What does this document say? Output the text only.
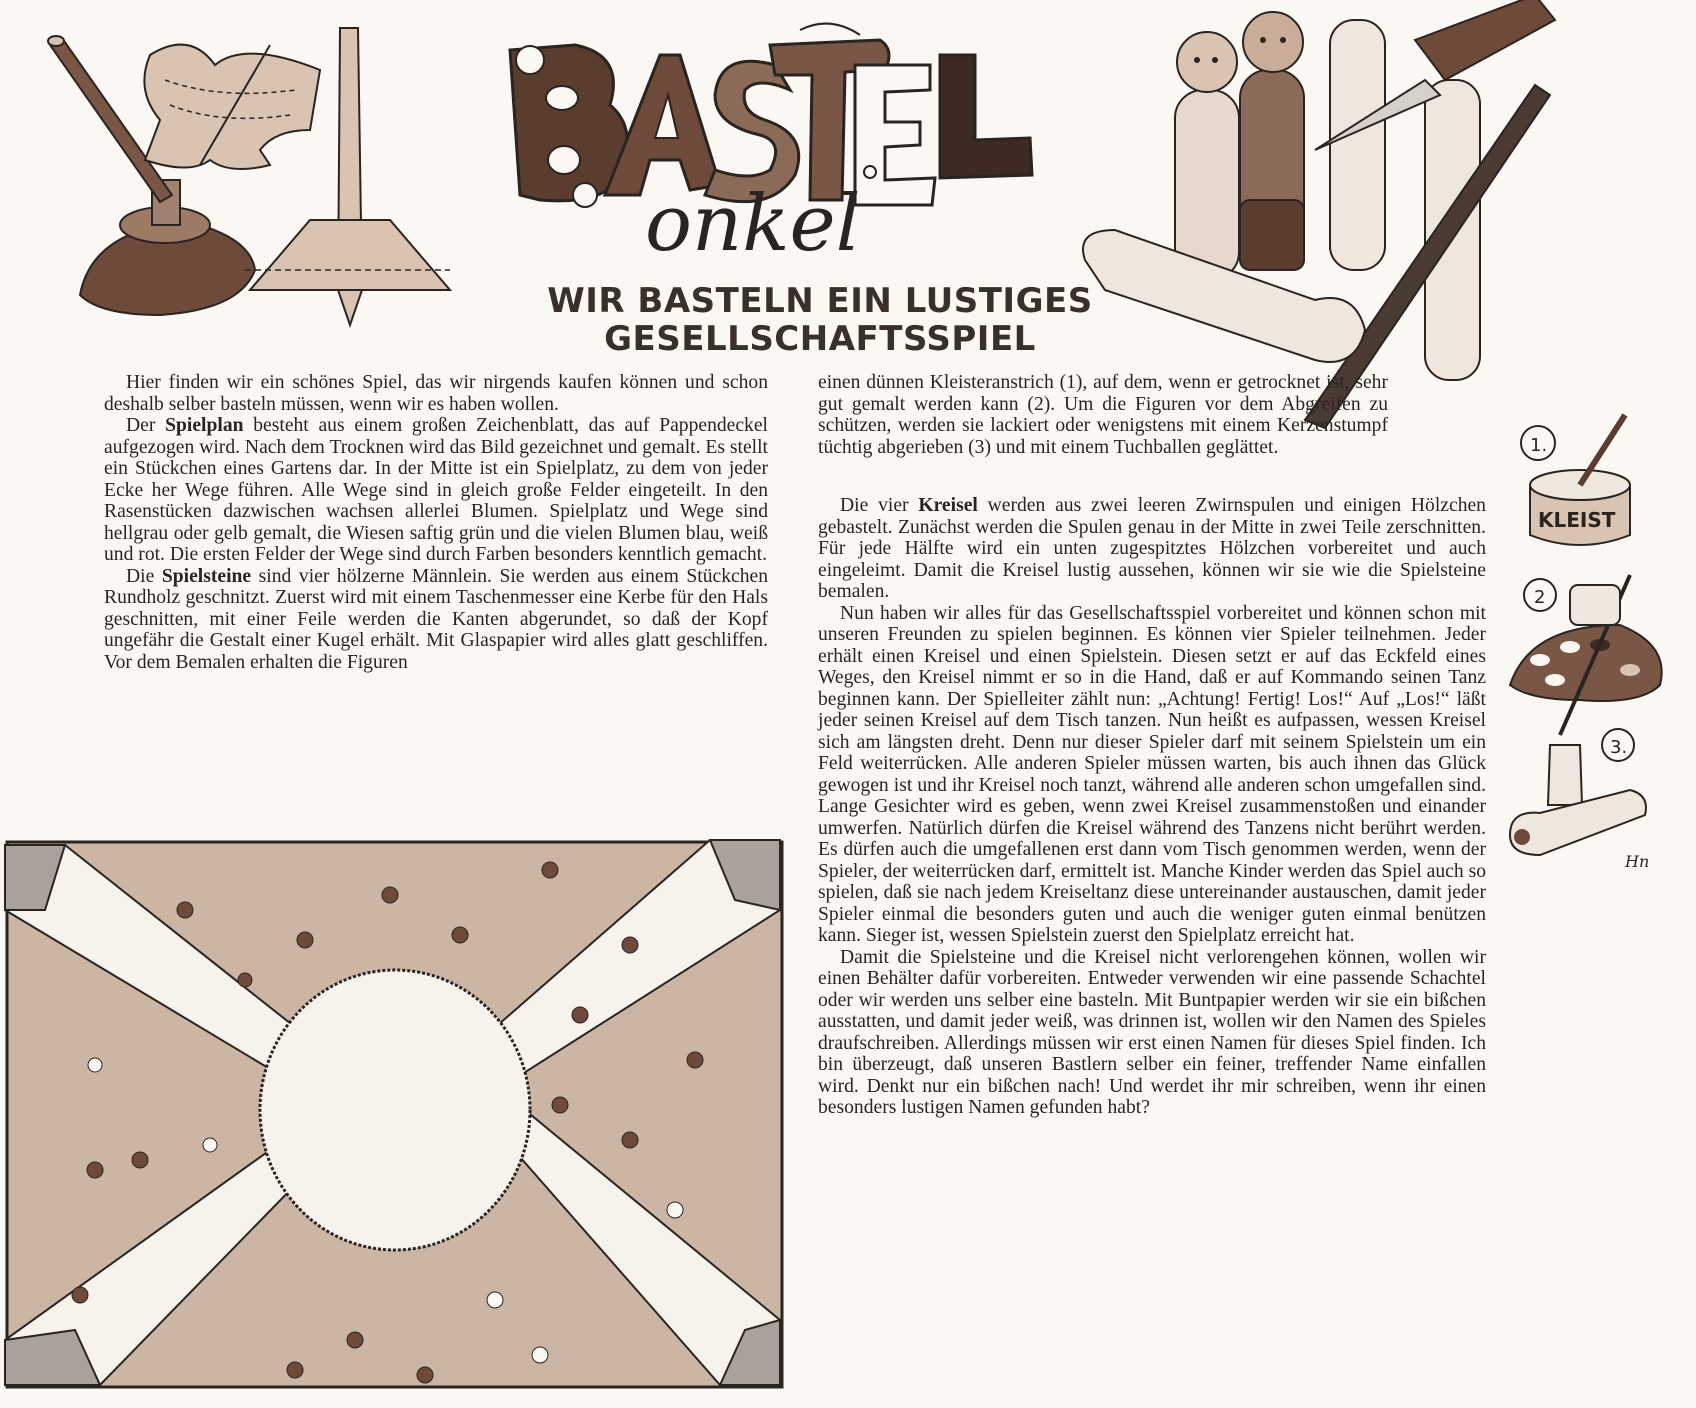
onkel
WIR BASTELN EIN LUSTIGES
GESELLSCHAFTSSPIEL
1.
KLEIST
2
3.
Hn

Hier finden wir ein schönes Spiel, das wir nirgends kaufen können und schon deshalb selber basteln müssen, wenn wir es haben wollen.

Der Spielplan besteht aus einem großen Zeichenblatt, das auf Pappendeckel aufgezogen wird. Nach dem Trocknen wird das Bild gezeichnet und gemalt. Es stellt ein Stückchen eines Gartens dar. In der Mitte ist ein Spielplatz, zu dem von jeder Ecke her Wege führen. Alle Wege sind in gleich große Felder eingeteilt. In den Rasenstücken dazwischen wachsen allerlei Blumen. Spielplatz und Wege sind hellgrau oder gelb gemalt, die Wiesen saftig grün und die vielen Blumen blau, weiß und rot. Die ersten Felder der Wege sind durch Farben besonders kenntlich gemacht.

Die Spielsteine sind vier hölzerne Männlein. Sie werden aus einem Stückchen Rundholz geschnitzt. Zuerst wird mit einem Taschenmesser eine Kerbe für den Hals geschnitten, mit einer Feile werden die Kanten abgerundet, so daß der Kopf ungefähr die Gestalt einer Kugel erhält. Mit Glaspapier wird alles glatt geschliffen. Vor dem Bemalen erhalten die Figuren

einen dünnen Kleisteranstrich (1), auf dem, wenn er getrocknet ist, sehr gut gemalt werden kann (2). Um die Figuren vor dem Abgreifen zu schützen, werden sie lackiert oder wenigstens mit einem Kerzenstumpf tüchtig abgerieben (3) und mit einem Tuchballen geglättet.

Die vier Kreisel werden aus zwei leeren Zwirnspulen und einigen Hölzchen gebastelt. Zunächst werden die Spulen genau in der Mitte in zwei Teile zerschnitten. Für jede Hälfte wird ein unten zugespitztes Hölzchen vorbereitet und auch eingeleimt. Damit die Kreisel lustig aussehen, können wir sie wie die Spielsteine bemalen.

Nun haben wir alles für das Gesellschaftsspiel vorbereitet und können schon mit unseren Freunden zu spielen beginnen. Es können vier Spieler teilnehmen. Jeder erhält einen Kreisel und einen Spielstein. Diesen setzt er auf das Eckfeld eines Weges, den Kreisel nimmt er so in die Hand, daß er auf Kommando seinen Tanz beginnen kann. Der Spielleiter zählt nun: „Achtung! Fertig! Los!“ Auf „Los!“ läßt jeder seinen Kreisel auf dem Tisch tanzen. Nun heißt es aufpassen, wessen Kreisel sich am längsten dreht. Denn nur dieser Spieler darf mit seinem Spielstein um ein Feld weiterrücken. Alle anderen Spieler müssen warten, bis auch ihnen das Glück gewogen ist und ihr Kreisel noch tanzt, während alle anderen schon umgefallen sind. Lange Gesichter wird es geben, wenn zwei Kreisel zusammenstoßen und einander umwerfen. Natürlich dürfen die Kreisel während des Tanzens nicht berührt werden. Es dürfen auch die umgefallenen erst dann vom Tisch genommen werden, wenn der Spieler, der weiterrücken darf, ermittelt ist. Manche Kinder werden das Spiel auch so spielen, daß sie nach jedem Kreiseltanz diese untereinander austauschen, damit jeder Spieler einmal die besonders guten und auch die weniger guten einmal benützen kann. Sieger ist, wessen Spielstein zuerst den Spielplatz erreicht hat.

Damit die Spielsteine und die Kreisel nicht verlorengehen können, wollen wir einen Behälter dafür vorbereiten. Entweder verwenden wir eine passende Schachtel oder wir werden uns selber eine basteln. Mit Buntpapier werden wir sie ein bißchen ausstatten, und damit jeder weiß, was drinnen ist, wollen wir den Namen des Spieles draufschreiben. Allerdings müssen wir erst einen Namen für dieses Spiel finden. Ich bin überzeugt, daß unseren Bastlern selber ein feiner, treffender Name einfallen wird. Denkt nur ein bißchen nach! Und werdet ihr mir schreiben, wenn ihr einen besonders lustigen Namen gefunden habt?
